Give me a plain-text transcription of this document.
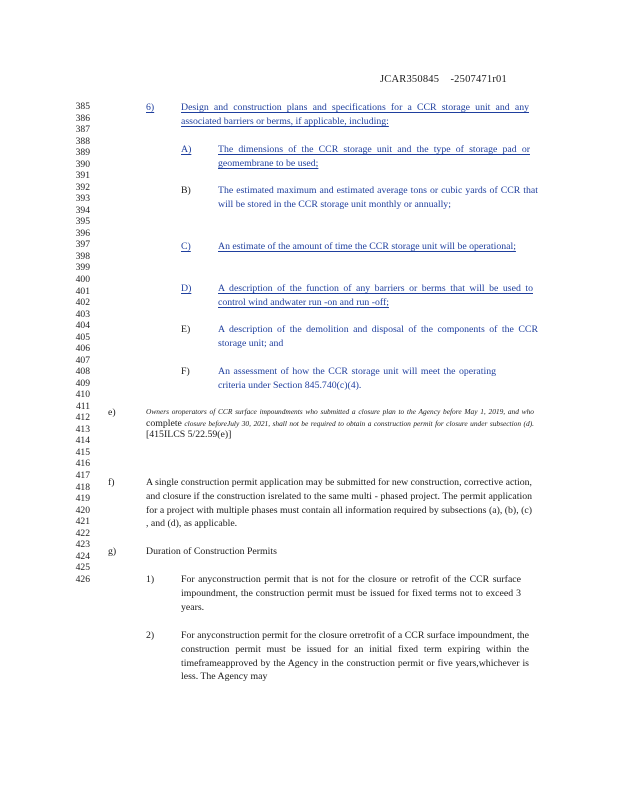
JCAR350845    -2507471r01
385
386
387
388
389
390
391
392
393
394
395
396
397
398
399
400
401
402
403
404
405
406
407
408
409
410
411
412
413
414
415
416
417
418
419
420
421
422
423
424
425
426
6)	Design and construction plans and specifications for a CCR storage unit and any associated barriers or berms, if applicable, including:
A)	The dimensions of the CCR storage unit and the type of storage pad or geomembrane to be used;
B)	The estimated maximum and estimated average tons or cubic yards of CCR that will be stored in the CCR storage unit monthly or annually;
C)	An estimate of the amount of time the CCR storage unit will be operational;
D)	A description of the function of any barriers or berms that will be used to control wind andwater run -on and run -off;
E)	A description of the demolition and disposal of the components of the CCR storage unit; and
F)	An assessment of how the CCR storage unit will meet the operating criteria under Section 845.740(c)(4).
e)	Owners oroperators of CCR surface impoundments who submitted a closure plan to the Agency before May 1, 2019, and who complete closure beforeJuly 30, 2021, shall not be required to obtain a construction permit for closure under subsection (d). [415ILCS 5/22.59(e)]
f)	A single construction permit application may be submitted for new construction, corrective action, and closure if the construction isrelated to the same multi - phased project. The permit application for a project with multiple phases must contain all information required by subsections (a), (b), (c) , and (d), as applicable.
g)	Duration of Construction Permits
1)	For anyconstruction permit that is not for the closure or retrofit of the CCR surface impoundment, the construction permit must be issued for fixed terms not to exceed 3 years.
2)	For anyconstruction permit for the closure orretrofit of a CCR surface impoundment, the construction permit must be issued for an initial fixed term expiring within the timeframeapproved by the Agency in the construction permit or five years,whichever is less. The Agency may
